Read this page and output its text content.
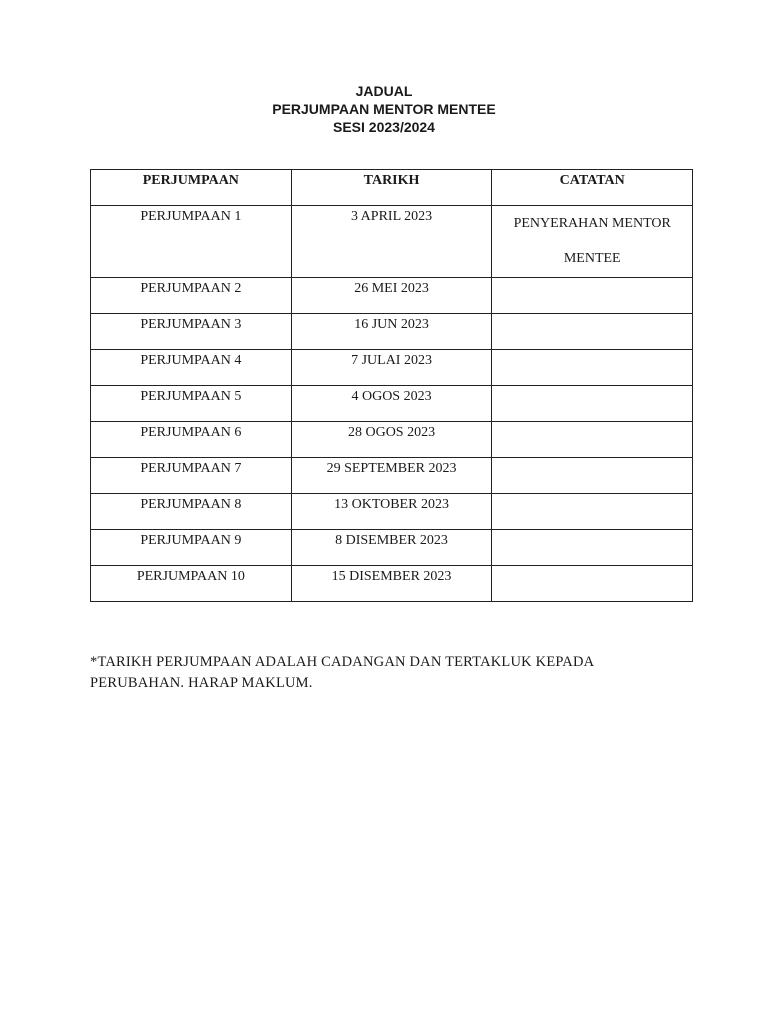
JADUAL
PERJUMPAAN MENTOR MENTEE
SESI 2023/2024
PERJUMPAAN	TARIKH	CATATAN
PERJUMPAAN 1	3 APRIL 2023	PENYERAHAN MENTOR MENTEE
PERJUMPAAN 2	26 MEI 2023	
PERJUMPAAN 3	16 JUN 2023	
PERJUMPAAN 4	7 JULAI 2023	
PERJUMPAAN 5	4 OGOS 2023	
PERJUMPAAN 6	28 OGOS 2023	
PERJUMPAAN 7	29 SEPTEMBER 2023	
PERJUMPAAN 8	13 OKTOBER 2023	
PERJUMPAAN 9	8 DISEMBER 2023	
PERJUMPAAN 10	15 DISEMBER 2023	

*TARIKH PERJUMPAAN ADALAH CADANGAN DAN TERTAKLUK KEPADA PERUBAHAN. HARAP MAKLUM.
